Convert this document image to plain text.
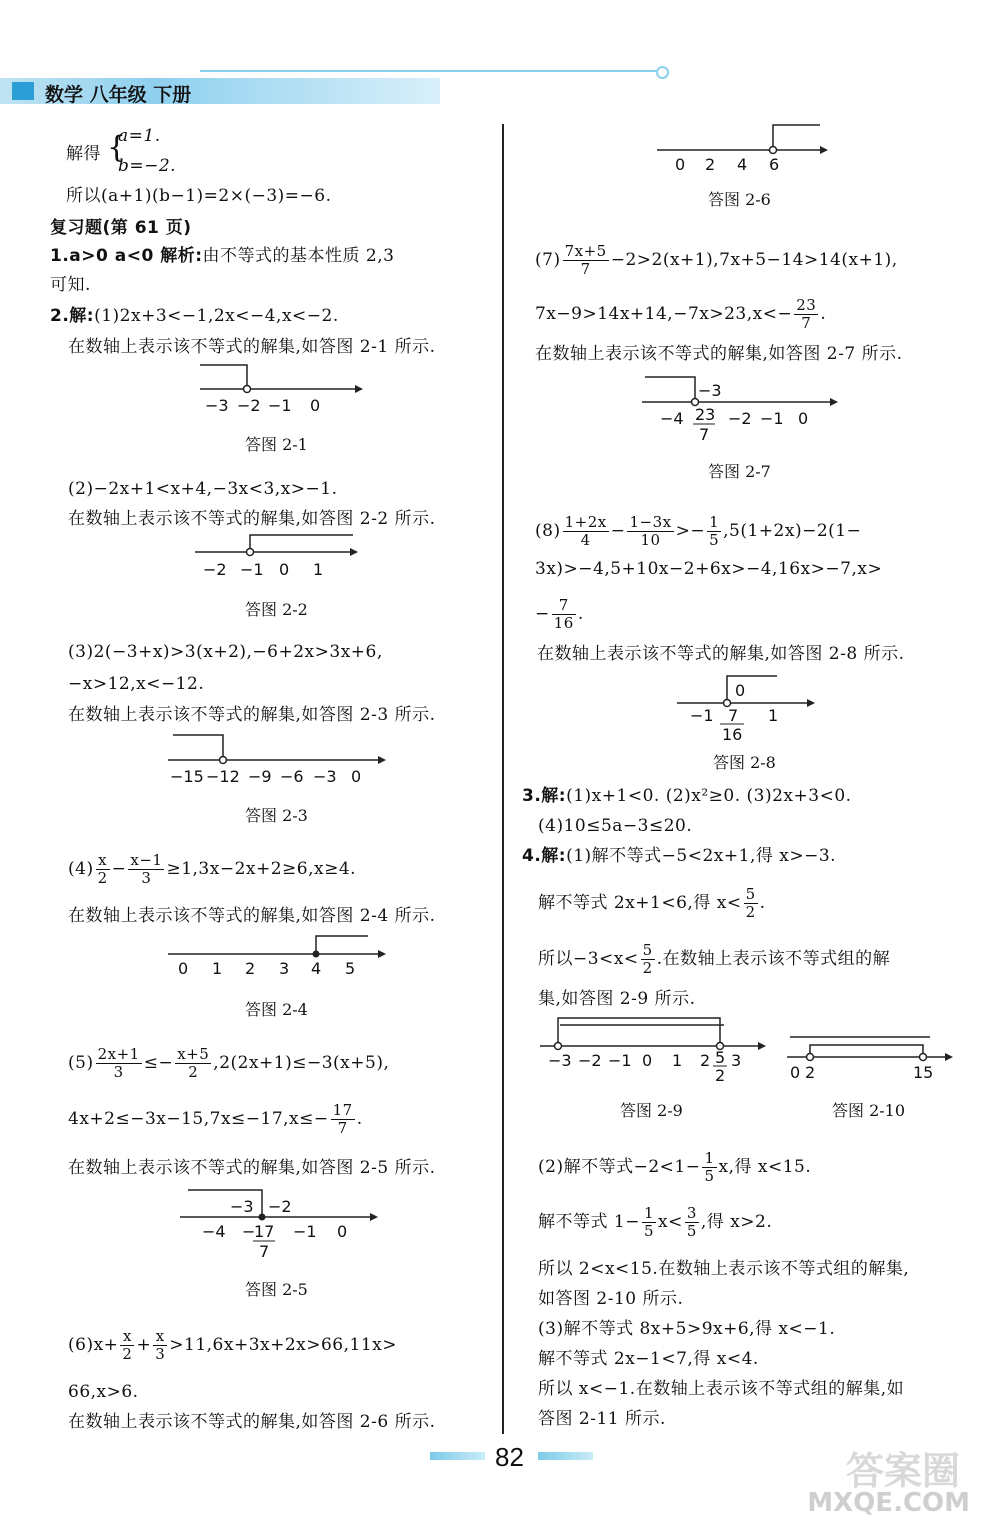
数学 八年级 下册
解得 {
a=1.
b=−2.
所以(a+1)(b−1)=2×(−3)=−6.
复习题(第 61 页)
1.a>0 a<0 解析:由不等式的基本性质 2,3
可知.
2.解:(1)2x+3<−1,2x<−4,x<−2.
在数轴上表示该不等式的解集,如答图 2-1 所示.
−3 −2 −1 0
答图 2-1
(2)−2x+1<x+4,−3x<3,x>−1.
在数轴上表示该不等式的解集,如答图 2-2 所示.
−2 −1 0 1
答图 2-2
(3)2(−3+x)>3(x+2),−6+2x>3x+6,
−x>12,x<−12.
在数轴上表示该不等式的解集,如答图 2-3 所示.
−15 −12 −9 −6 −3 0
答图 2-3
$(4) \frac{x}{2} - \frac{x-1}{3} \ge 1,3x-2x+2\ge 6,x\ge 4$.
在数轴上表示该不等式的解集,如答图 2-4 所示.
0 1 2 3 4 5
答图 2-4
$(5) \frac{2x+1}{3} \le- \frac{x+5}{2} ,2(2x+1)\le-3(x+5)$,
$4x+2\le-3x-15,7x\le-17,x\le- \frac{17}{7}$ .
在数轴上表示该不等式的解集,如答图 2-5 所示.
−4
−3 −2
−1 0
−
17
7
答图 2-5
$(6)x+ \frac{x}{2} + \frac{x}{3} >11,6x+3x+2x>66,11x>$
66,x>6.
在数轴上表示该不等式的解集,如答图 2-6 所示.
0 2 4 6
答图 2-6
$(7) \frac{7x+5}{7} -2>2(x+1),7x+5-14>14(x+1)$,
$7x-9>14x+14,-7x>23,x<- \frac{23}{7}$ .
在数轴上表示该不等式的解集,如答图 2-7 所示.
−4
−3
−2 −1 0
23
7
答图 2-7
$(8) \frac{1+2x}{4} - \frac{1-3x}{10} >- \frac{1}{5} ,5(1+2x)-2(1-$
3x)>−4,5+10x−2+6x>−4,16x>−7,x>
− $\frac{7}{16}$ .
在数轴上表示该不等式的解集,如答图 2-8 所示.
−1
0
1
7
16
答图 2-8
3.解:(1)x+1<0. (2)x²≥0. (3)2x+3<0.
(4)10≤5a−3≤20.
4.解:(1)解不等式−5<2x+1,得 x>−3.
解不等式 2x+1<6,得 $x< \frac{5}{2}$ .
所以$-3<x< \frac{5}{2}$ .在数轴上表示该不等式组的解
集,如答图 2-9 所示.
−3 −2 −1 0 1 2 3
5
2	0 2	15
答图 2-9	答图 2-10
(2)解不等式$-2<1- \frac{1}{5} x$,得 x<15.
解不等式 $1- \frac{1}{5} x< \frac{3}{5}$ ,得 x>2.
所以 2<x<15.在数轴上表示该不等式组的解集,
如答图 2-10 所示.
(3)解不等式 8x+5>9x+6,得 x<−1.
解不等式 2x−1<7,得 x<4.
所以 x<−1.在数轴上表示该不等式组的解集,如
答图 2-11 所示.
82	答案圈
MXQE.COM
